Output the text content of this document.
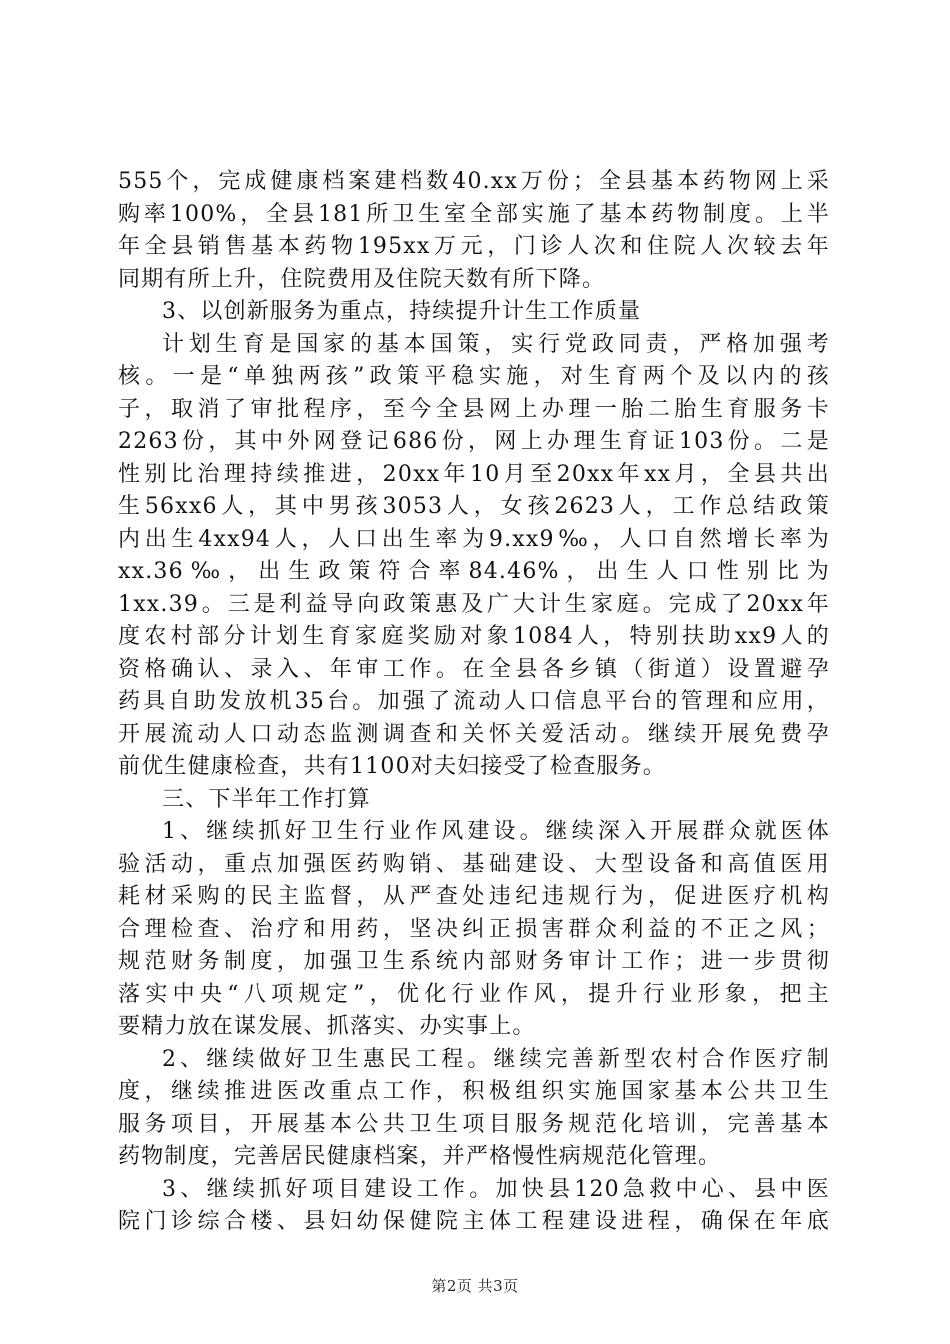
555个，完成健康档案建档数40.xx万份；全县基本药物网上采
购率100%，全县181所卫生室全部实施了基本药物制度。上半
年全县销售基本药物195xx万元，门诊人次和住院人次较去年
同期有所上升，住院费用及住院天数有所下降。
3、以创新服务为重点，持续提升计生工作质量
计划生育是国家的基本国策，实行党政同责，严格加强考
核。一是“单独两孩”政策平稳实施，对生育两个及以内的孩
子，取消了审批程序，至今全县网上办理一胎二胎生育服务卡
2263份，其中外网登记686份，网上办理生育证103份。二是
性别比治理持续推进，20xx年10月至20xx年xx月，全县共出
生56xx6人，其中男孩3053人，女孩2623人，工作总结政策
内出生4xx94人，人口出生率为9.xx9‰，人口自然增长率为
xx.36‰，出生政策符合率84.46%，出生人口性别比为
1xx.39。三是利益导向政策惠及广大计生家庭。完成了20xx年
度农村部分计划生育家庭奖励对象1084人，特别扶助xx9人的
资格确认、录入、年审工作。在全县各乡镇（街道）设置避孕
药具自助发放机35台。加强了流动人口信息平台的管理和应用，
开展流动人口动态监测调查和关怀关爱活动。继续开展免费孕
前优生健康检查，共有1100对夫妇接受了检查服务。
三、下半年工作打算
1、继续抓好卫生行业作风建设。继续深入开展群众就医体
验活动，重点加强医药购销、基础建设、大型设备和高值医用
耗材采购的民主监督，从严查处违纪违规行为，促进医疗机构
合理检查、治疗和用药，坚决纠正损害群众利益的不正之风；
规范财务制度，加强卫生系统内部财务审计工作；进一步贯彻
落实中央“八项规定”，优化行业作风，提升行业形象，把主
要精力放在谋发展、抓落实、办实事上。
2、继续做好卫生惠民工程。继续完善新型农村合作医疗制
度，继续推进医改重点工作，积极组织实施国家基本公共卫生
服务项目，开展基本公共卫生项目服务规范化培训，完善基本
药物制度，完善居民健康档案，并严格慢性病规范化管理。
3、继续抓好项目建设工作。加快县120急救中心、县中医
院门诊综合楼、县妇幼保健院主体工程建设进程，确保在年底
第2页 共3页
